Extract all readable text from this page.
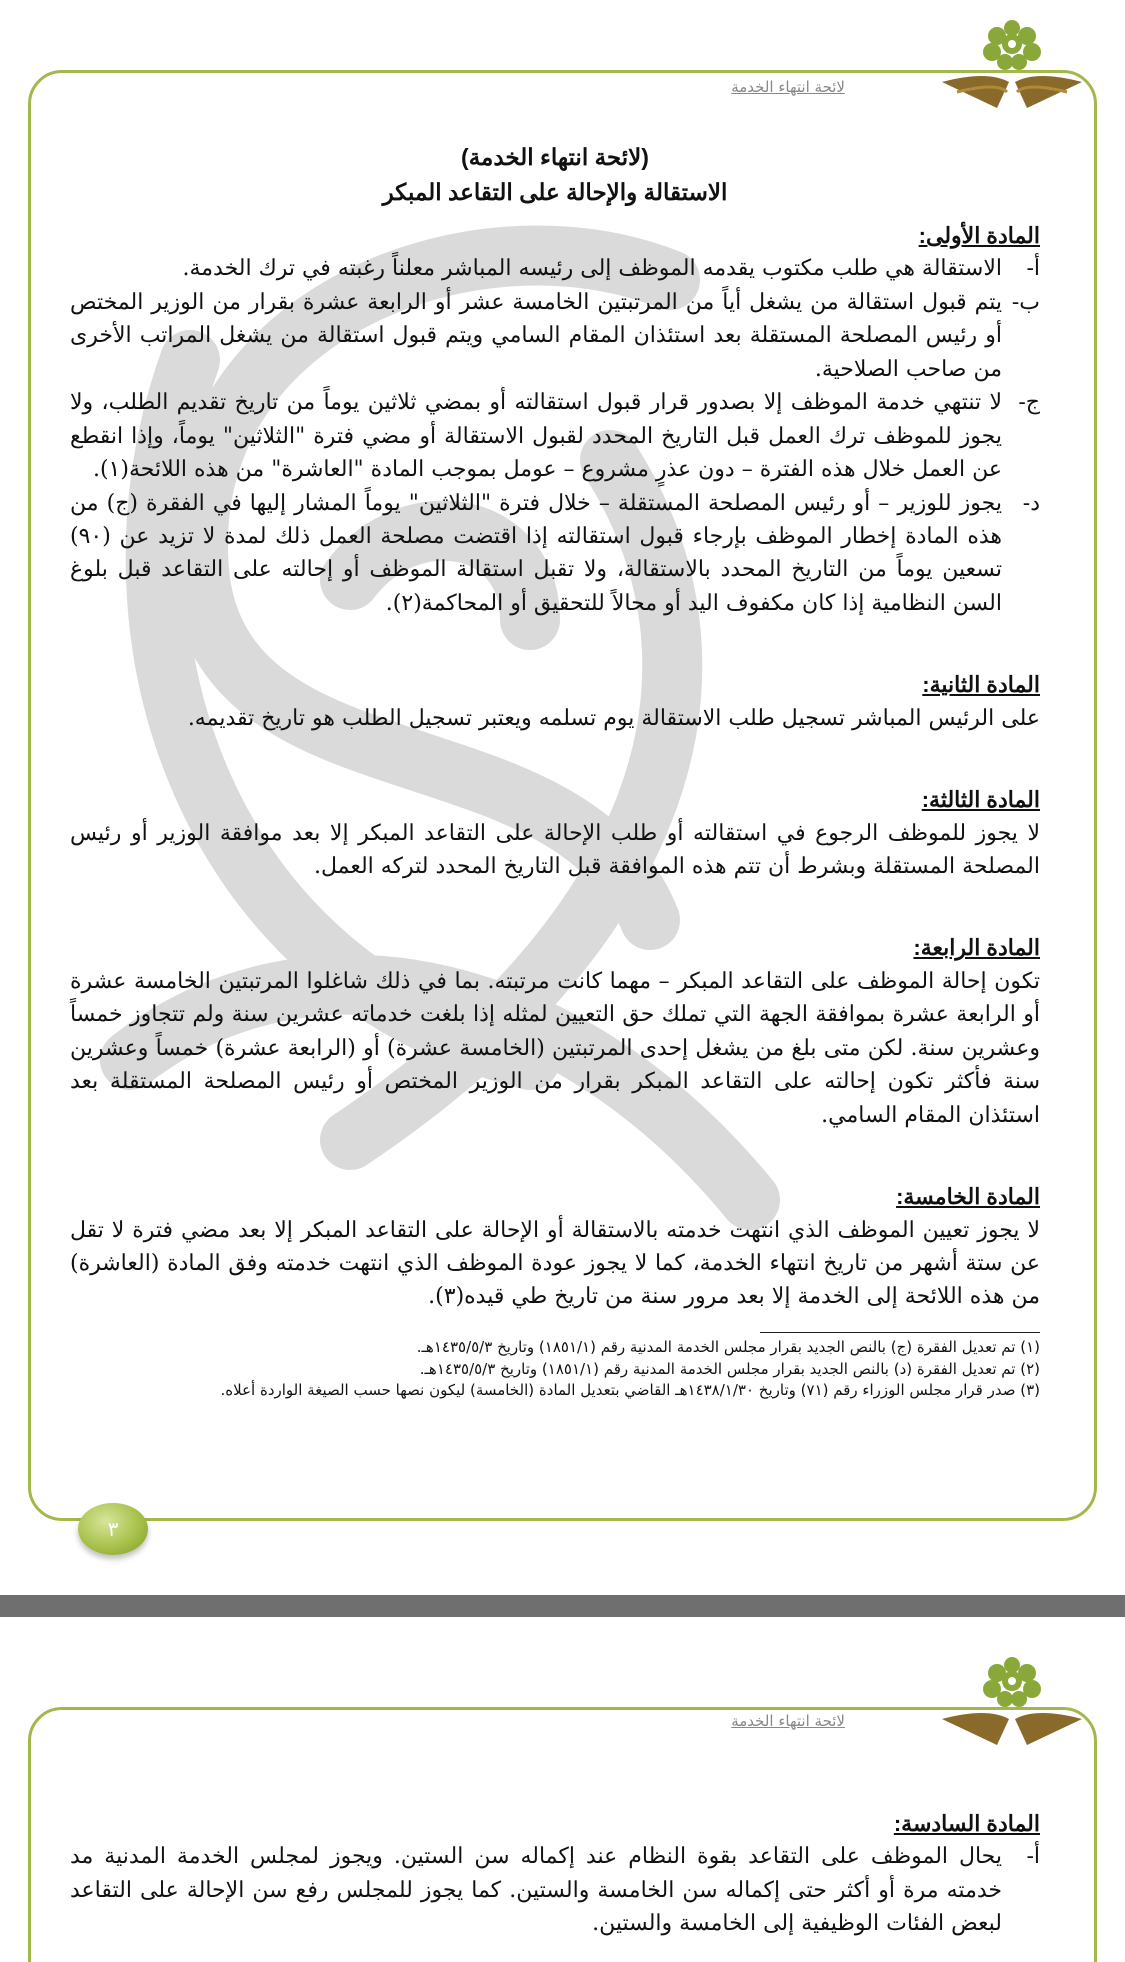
لائحة انتهاء الخدمة
(لائحة انتهاء الخدمة)
الاستقالة والإحالة على التقاعد المبكر
المادة الأولى:
أ-
الاستقالة هي طلب مكتوب يقدمه الموظف إلى رئيسه المباشر معلناً رغبته في ترك الخدمة.
ب-
يتم قبول استقالة من يشغل أياً من المرتبتين الخامسة عشر أو الرابعة عشرة بقرار من الوزير المختص أو رئيس المصلحة المستقلة بعد استئذان المقام السامي ويتم قبول استقالة من يشغل المراتب الأخرى من صاحب الصلاحية.
ج-
لا تنتهي خدمة الموظف إلا بصدور قرار قبول استقالته أو بمضي ثلاثين يوماً من تاريخ تقديم الطلب، ولا يجوز للموظف ترك العمل قبل التاريخ المحدد لقبول الاستقالة أو مضي فترة "الثلاثين" يوماً، وإذا انقطع عن العمل خلال هذه الفترة – دون عذرٍ مشروع – عومل بموجب المادة "العاشرة" من هذه اللائحة(١).
د-
يجوز للوزير – أو رئيس المصلحة المستقلة – خلال فترة "الثلاثين" يوماً المشار إليها في الفقرة (ج) من هذه المادة إخطار الموظف بإرجاء قبول استقالته إذا اقتضت مصلحة العمل ذلك لمدة لا تزيد عن (٩٠) تسعين يوماً من التاريخ المحدد بالاستقالة، ولا تقبل استقالة الموظف أو إحالته على التقاعد قبل بلوغ السن النظامية إذا كان مكفوف اليد أو محالاً للتحقيق أو المحاكمة(٢).
المادة الثانية:
على الرئيس المباشر تسجيل طلب الاستقالة يوم تسلمه ويعتبر تسجيل الطلب هو تاريخ تقديمه.
المادة الثالثة:
لا يجوز للموظف الرجوع في استقالته أو طلب الإحالة على التقاعد المبكر إلا بعد موافقة الوزير أو رئيس المصلحة المستقلة وبشرط أن تتم هذه الموافقة قبل التاريخ المحدد لتركه العمل.
المادة الرابعة:
تكون إحالة الموظف على التقاعد المبكر – مهما كانت مرتبته. بما في ذلك شاغلوا المرتبتين الخامسة عشرة أو الرابعة عشرة بموافقة الجهة التي تملك حق التعيين لمثله إذا بلغت خدماته عشرين سنة ولم تتجاوز خمساً وعشرين سنة. لكن متى بلغ من يشغل إحدى المرتبتين (الخامسة عشرة) أو (الرابعة عشرة) خمساً وعشرين سنة فأكثر تكون إحالته على التقاعد المبكر بقرار من الوزير المختص أو رئيس المصلحة المستقلة بعد استئذان المقام السامي.
المادة الخامسة:
لا يجوز تعيين الموظف الذي انتهت خدمته بالاستقالة أو الإحالة على التقاعد المبكر إلا بعد مضي فترة لا تقل عن ستة أشهر من تاريخ انتهاء الخدمة، كما لا يجوز عودة الموظف الذي انتهت خدمته وفق المادة (العاشرة) من هذه اللائحة إلى الخدمة إلا بعد مرور سنة من تاريخ طي قيده(٣).
(١) تم تعديل الفقرة (ج) بالنص الجديد بقرار مجلس الخدمة المدنية رقم (١٨٥١/١) وتاريخ ١٤٣٥/٥/٣هـ.
(٢) تم تعديل الفقرة (د) بالنص الجديد بقرار مجلس الخدمة المدنية رقم (١٨٥١/١) وتاريخ ١٤٣٥/٥/٣هـ.
(٣) صدر قرار مجلس الوزراء رقم (٧١) وتاريخ ١٤٣٨/١/٣٠هـ القاضي بتعديل المادة (الخامسة) ليكون نصها حسب الصيغة الواردة أعلاه.
٣
لائحة انتهاء الخدمة
المادة السادسة:
أ-
يحال الموظف على التقاعد بقوة النظام عند إكماله سن الستين. ويجوز لمجلس الخدمة المدنية مد خدمته مرة أو أكثر حتى إكماله سن الخامسة والستين. كما يجوز للمجلس رفع سن الإحالة على التقاعد لبعض الفئات الوظيفية إلى الخامسة والستين.
